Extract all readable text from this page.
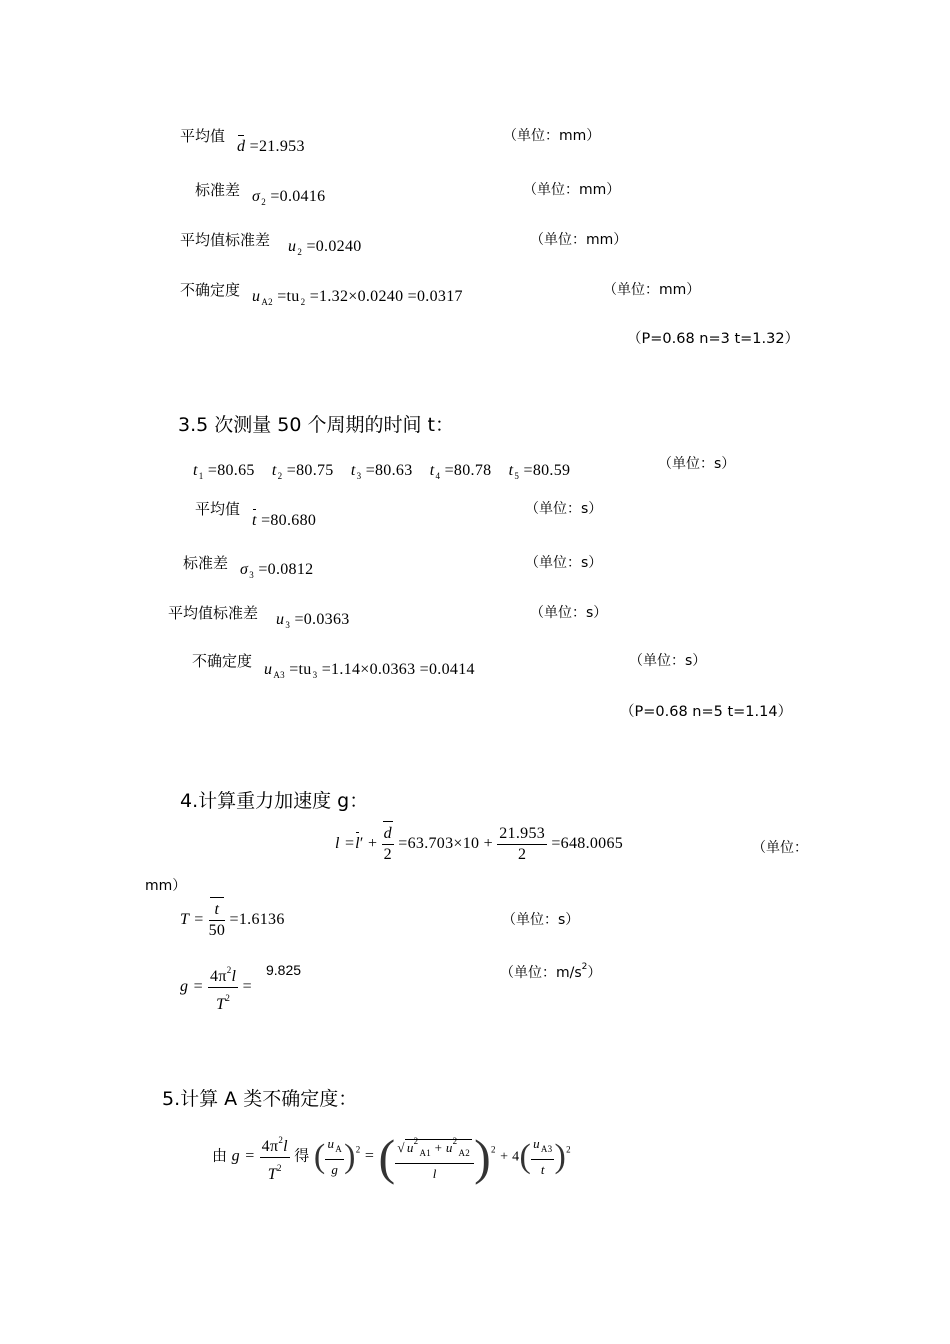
平均值
d =21.953
（单位：mm）
标准差 $\sigma_2 =0.0416$	（单位：mm）
平均值标准差 $u_2 =0.0240$	（单位：mm）
不确定度 $u_{A2} =tu_2 =1.32\times 0.0240 =0.0317$	（单位：mm）
（P=0.68 n=3 t=1.32）
3.5 次测量 50 个周期的时间 t：
$t_1 =80.65$ $t_2 =80.75$ $t_3 =80.63$ $t_4 =80.78$ $t_5 =80.59$	（单位：s）
平均值
t =80.680
（单位：s）
标准差 $\sigma_3 =0.0812$	（单位：s）
平均值标准差 $u_3 =0.0363$	（单位：s）
不确定度 $u_{A3} =tu_3 =1.14\times 0.0363 =0.0414$	（单位：s）
（P=0.68 n=5 t=1.14）
4.计算重力加速度 g：
$l =l' + \frac{d}{2} =63.703\times 10 + \frac{21.953}{2} =648.0065$	（单位：
mm）
$T = \frac{t}{50} =1.6136$	（单位：s）
$g = \frac{4\pi^2l}{T^2}$ =
9.825	（单位：$m/s^2$）
5.计算 A 类不确定度：
由 $g = \frac{4\pi^2l}{T^2}$ 得 ( $\frac{u_A}{g} )^2$ = ( $\frac{√ u^2_{A1} + u^2_{A2}}{l} )^2 + 4( \frac{u_{A3}}{t} )^2$
